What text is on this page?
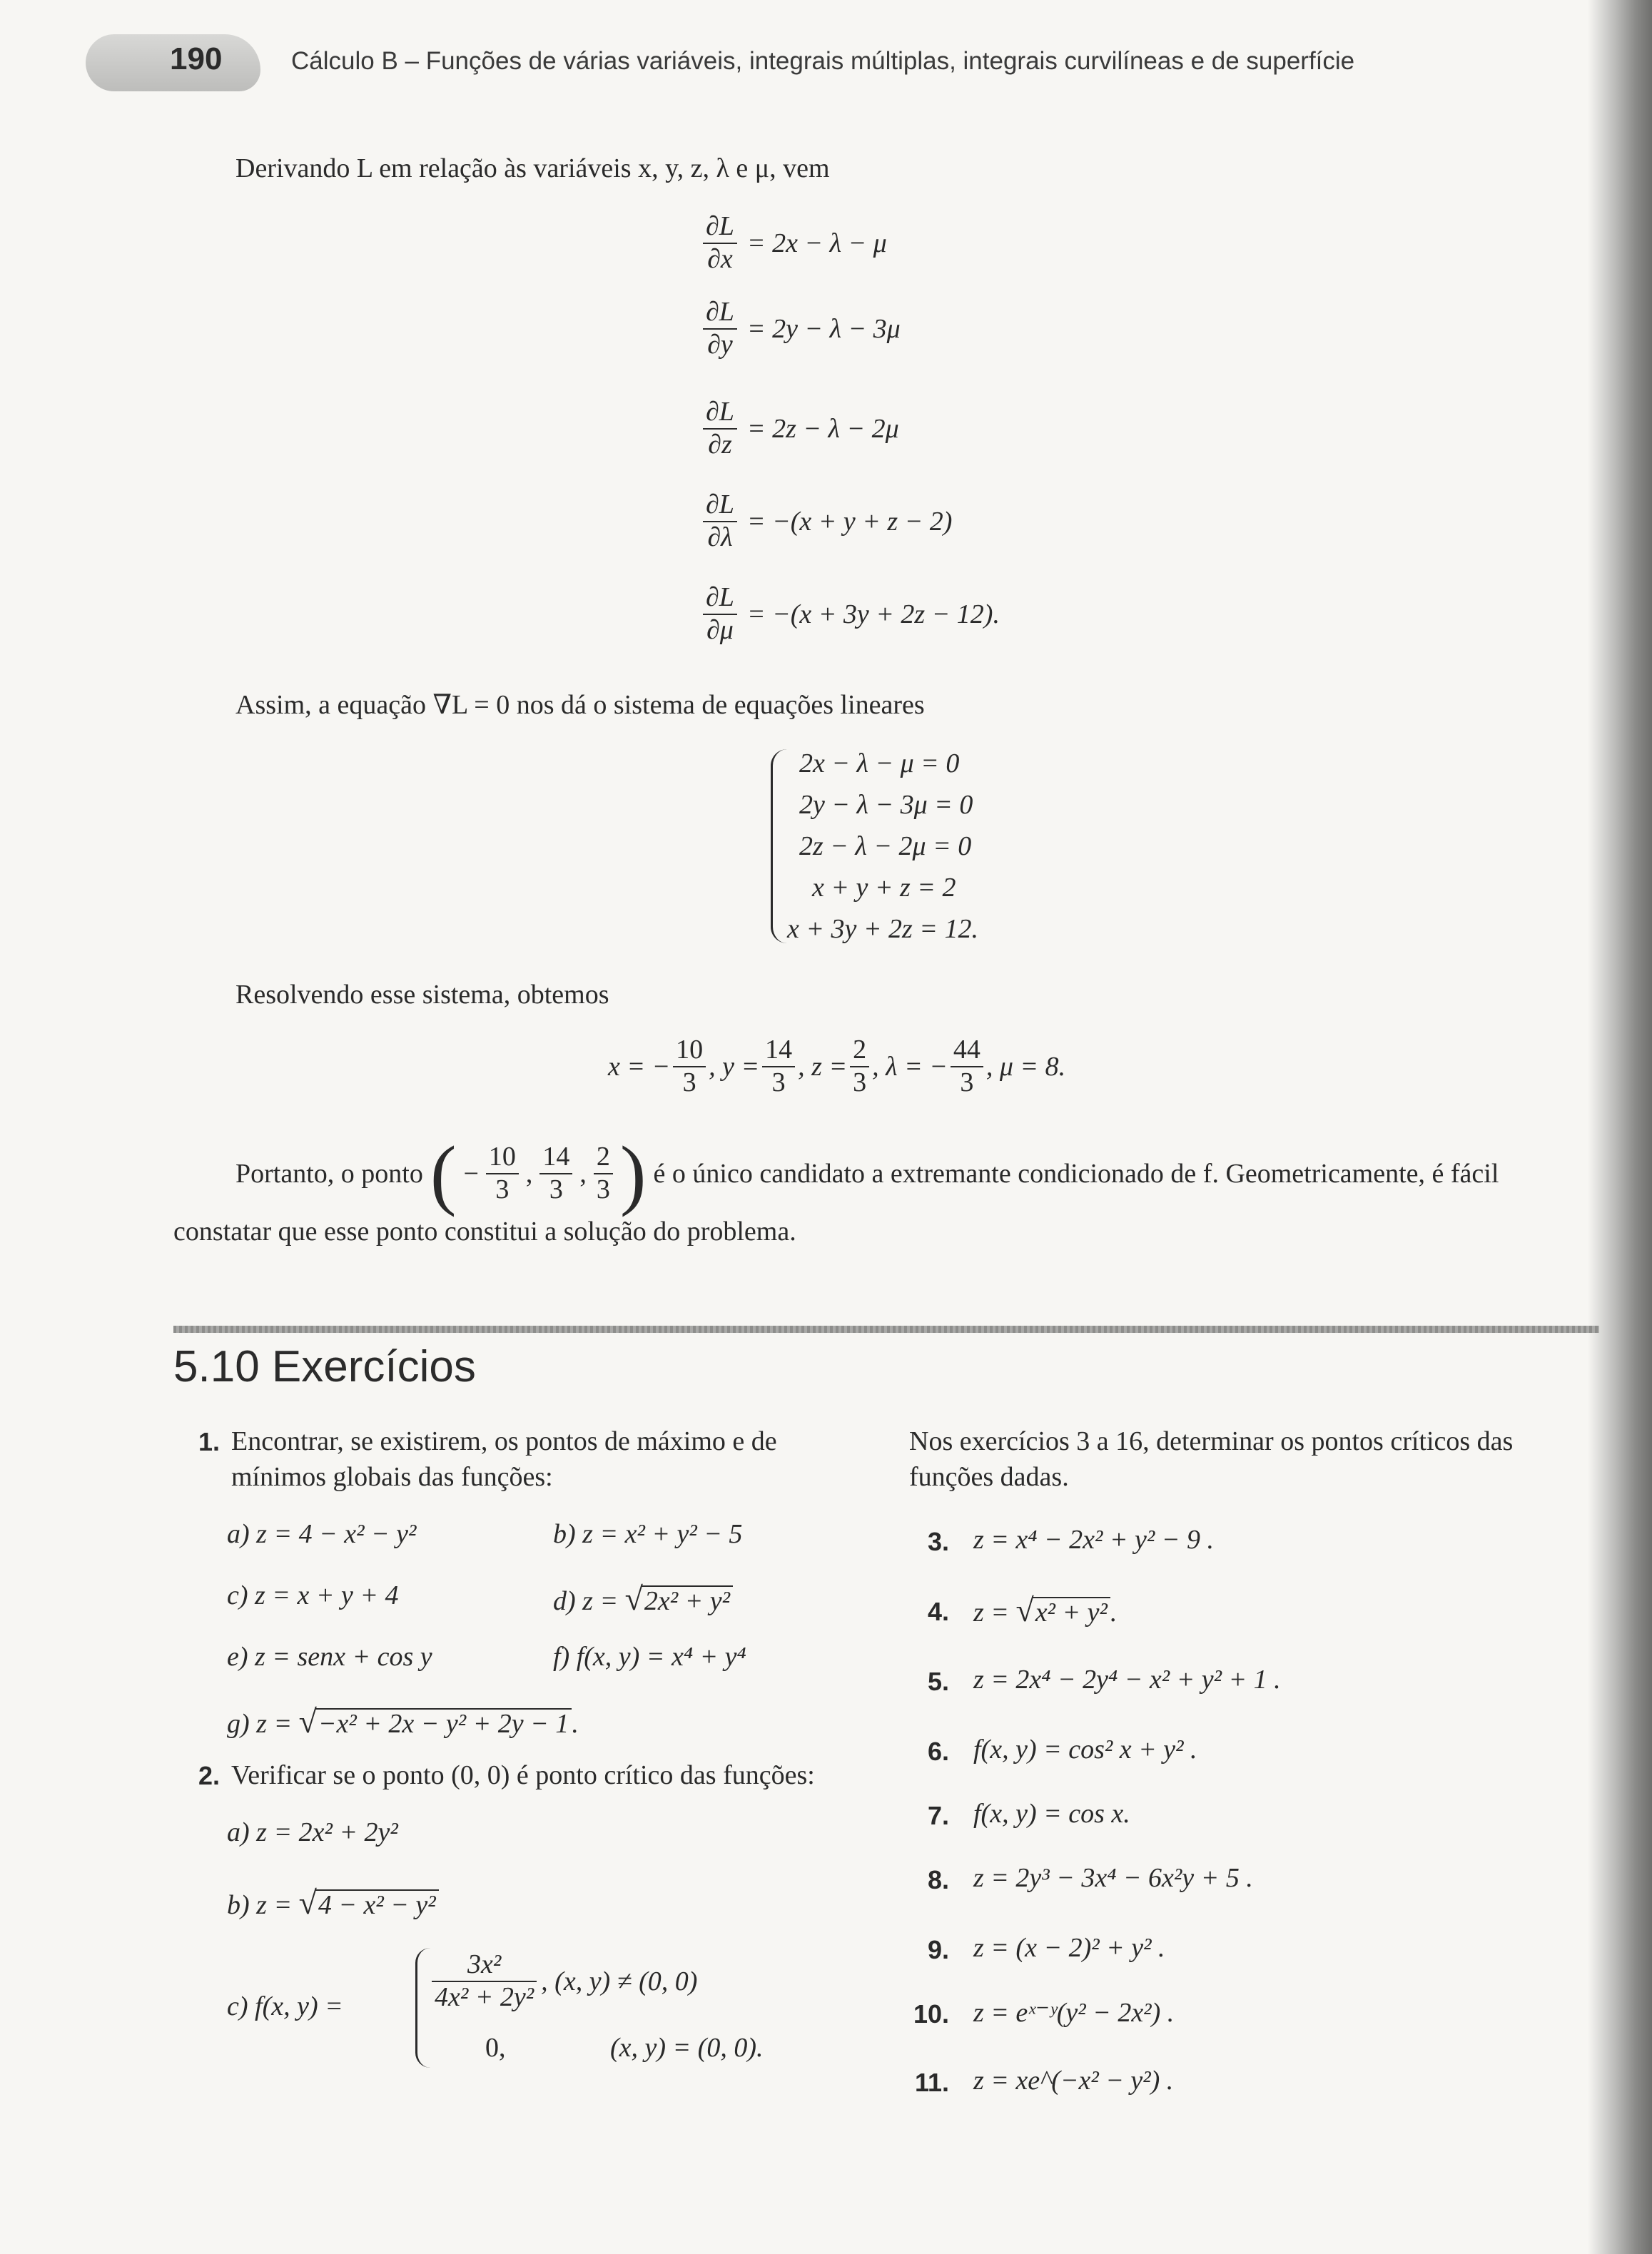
190	Cálculo B – Funções de várias variáveis, integrais múltiplas, integrais curvilíneas e de superfície
Derivando L em relação às variáveis x, y, z, λ e μ, vem
$\frac{\partial L}{\partial x} = 2x - \lambda - \mu$
$\frac{\partial L}{\partial y} = 2y - \lambda - 3\mu$
$\frac{\partial L}{\partial z} = 2z - \lambda - 2\mu$
$\frac{\partial L}{\partial\lambda} = -(x + y + z - 2)$
$\frac{\partial L}{\partial\mu} = -(x + 3y + 2z - 12)$.
Assim, a equação ∇L = 0 nos dá o sistema de equações lineares
2x − λ − μ = 0
2y − λ − 3μ = 0
2z − λ − 2μ = 0
x + y + z = 2
x + 3y + 2z = 12.
Resolvendo esse sistema, obtemos
x = − $\frac{10}{3}$ , $y = \frac{14}{3}$ , $z = \frac{2}{3}$ , λ = − $\frac{44}{3}$ , μ = 8.
Portanto, o ponto ( − $\frac{10}{3}$ , $\frac{14}{3}$ , $\frac{2}{3}$ ) é o único candidato a extremante condicionado de f. Geometricamente, é fácil
constatar que esse ponto constitui a solução do problema.
5.10 Exercícios
1. Encontrar, se existirem, os pontos de máximo e de
mínimos globais das funções:
a) z = 4 − x² − y²	b) z = x² + y² − 5
c) z = x + y + 4	d) z = √2x² + y²
e) z = senx + cos y	f) f(x, y) = x⁴ + y⁴
g) z = √−x² + 2x − y² + 2y − 1 .
2. Verificar se o ponto (0, 0) é ponto crítico das funções:
a) z = 2x² + 2y²
b) z = √4 − x² − y²
c) f(x, y) =	$\frac{\text{3x²}}{\text{4x² + 2y²}}$ , (x, y) ≠ (0, 0)
0,	(x, y) = (0, 0).
Nos exercícios 3 a 16, determinar os pontos críticos das
funções dadas.
3. z = x⁴ − 2x² + y² − 9 .
4. z = √x² + y² .
5. z = 2x⁴ − 2y⁴ − x² + y² + 1 .
6. f(x, y) = cos² x + y² .
7. f(x, y) = cos x.
8. z = 2y³ − 3x⁴ − 6x²y + 5 .
9. z = (x − 2)² + y² .
10. z = eˣ⁻ʸ(y² − 2x²) .
11. z = xe^(−x² − y²) .
